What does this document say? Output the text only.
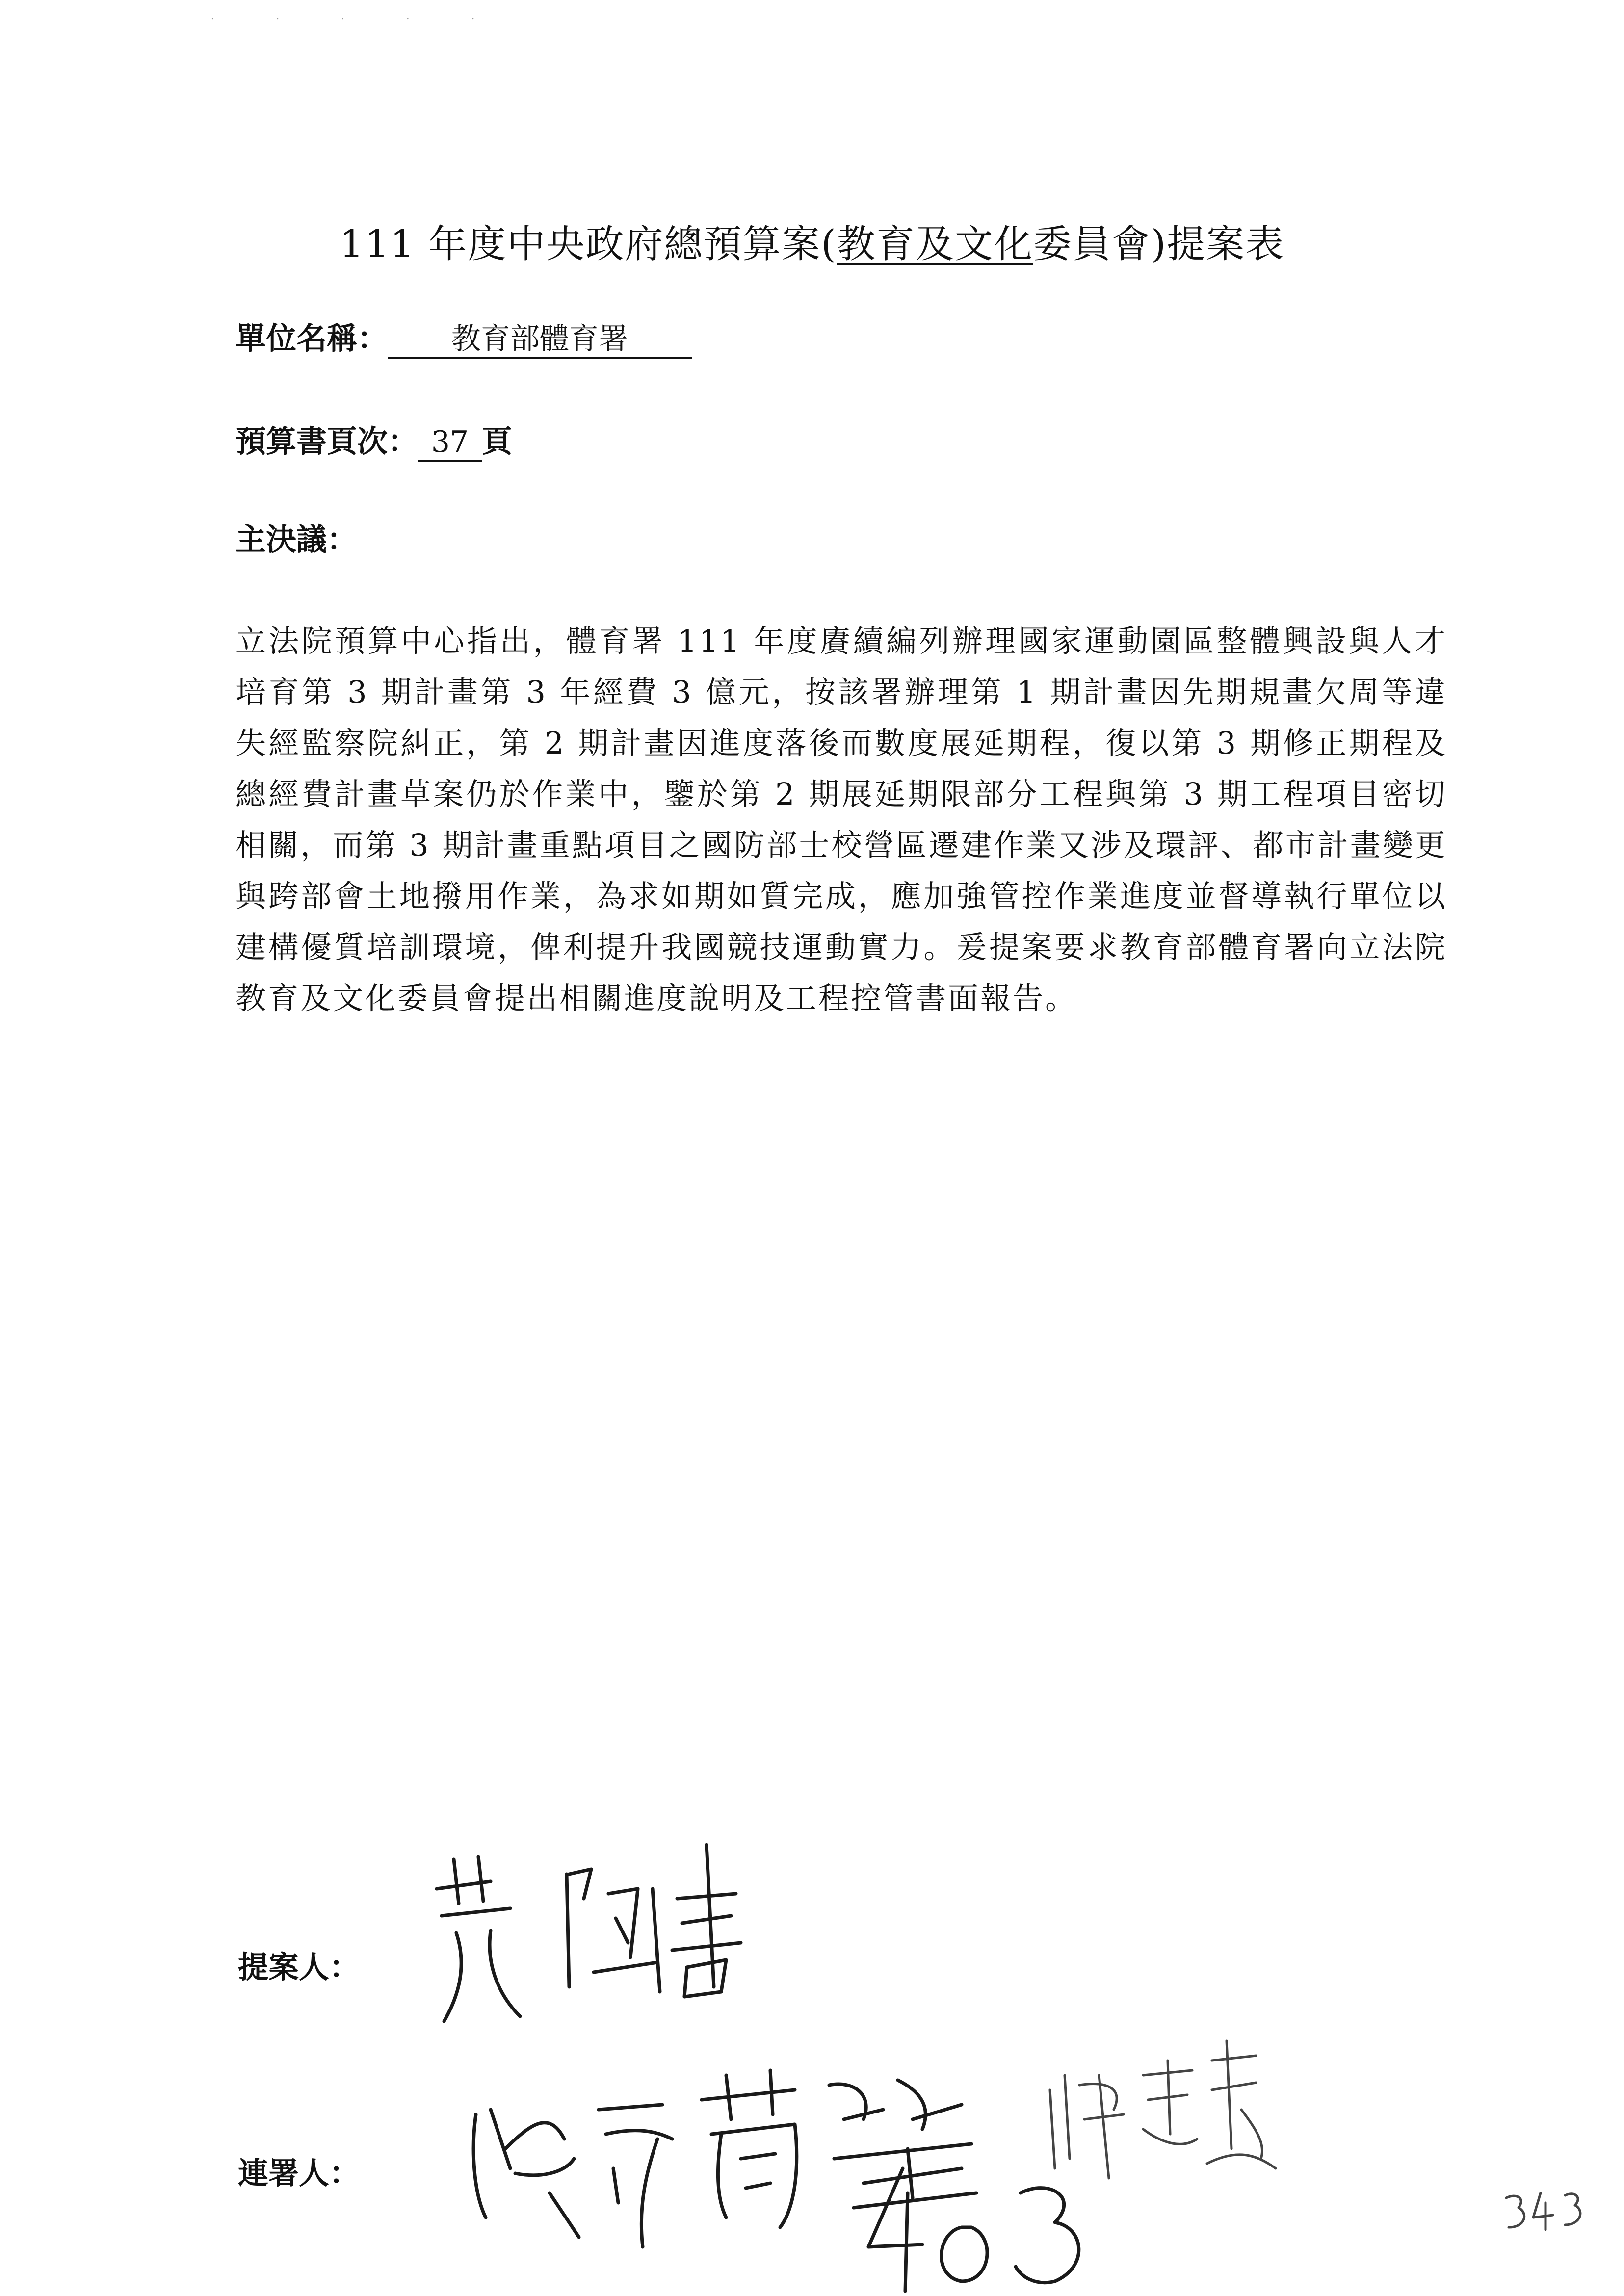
. . . . .
111 年度中央政府總預算案(教育及文化委員會)提案表
單位名稱： 教育部體育署
預算書頁次： 37 頁
主決議：
立法院預算中心指出，體育署 111 年度賡續編列辦理國家運動園區整體興設與人才培育第 3 期計畫第 3 年經費 3 億元，按該署辦理第 1 期計畫因先期規畫欠周等違失經監察院糾正，第 2 期計畫因進度落後而數度展延期程，復以第 3 期修正期程及總經費計畫草案仍於作業中，鑒於第 2 期展延期限部分工程與第 3 期工程項目密切相關，而第 3 期計畫重點項目之國防部士校營區遷建作業又涉及環評、都市計畫變更與跨部會土地撥用作業，為求如期如質完成，應加強管控作業進度並督導執行單位以建構優質培訓環境，俾利提升我國競技運動實力。爰提案要求教育部體育署向立法院教育及文化委員會提出相關進度說明及工程控管書面報告。
提案人：
連署人：
